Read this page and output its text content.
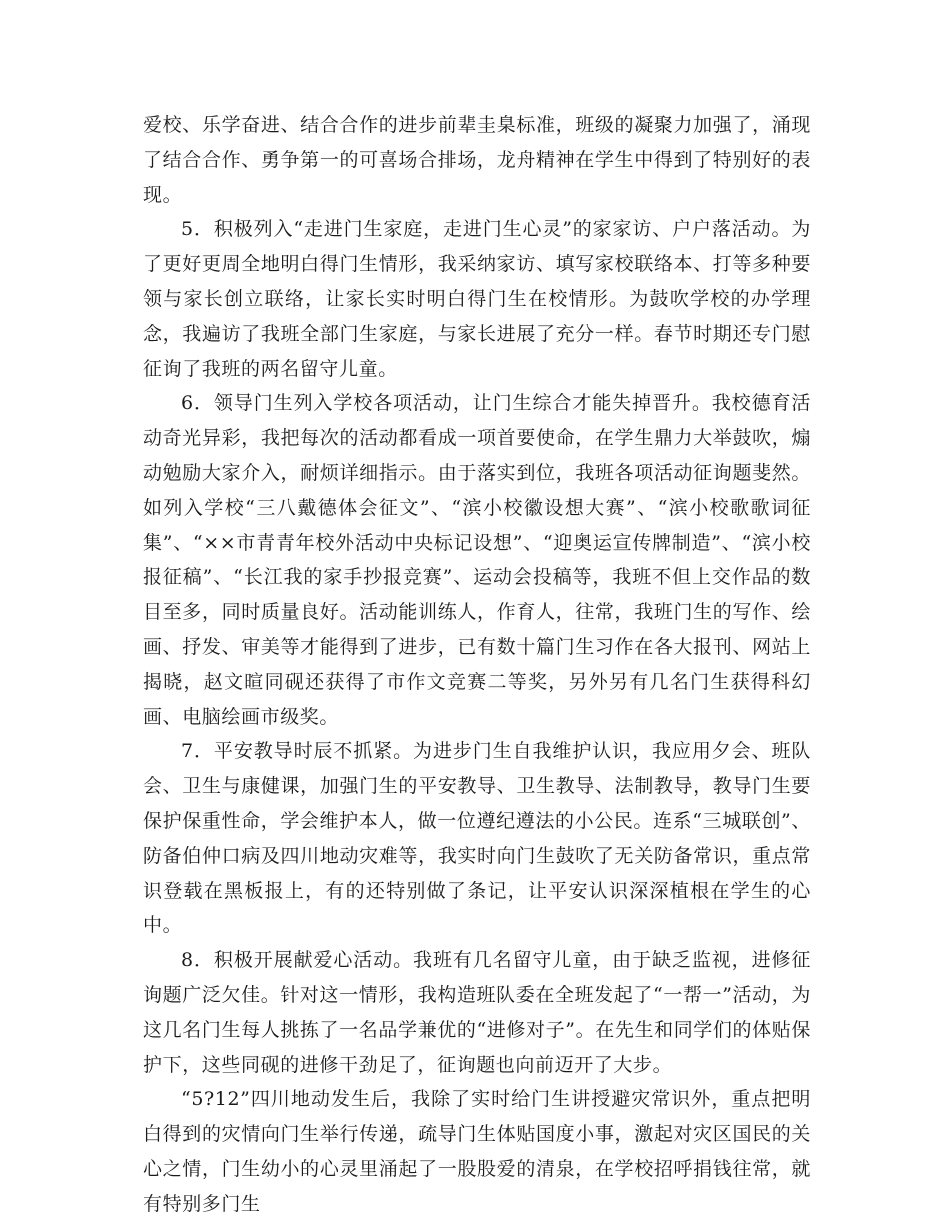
爱校、乐学奋进、结合合作的进步前辈圭臬标准，班级的凝聚力加强了，涌现了结合合作、勇争第一的可喜场合排场，龙舟精神在学生中得到了特别好的表现。

5．积极列入“走进门生家庭，走进门生心灵”的家家访、户户落活动。为了更好更周全地明白得门生情形，我采纳家访、填写家校联络本、打等多种要领与家长创立联络，让家长实时明白得门生在校情形。为鼓吹学校的办学理念，我遍访了我班全部门生家庭，与家长进展了充分一样。春节时期还专门慰征询了我班的两名留守儿童。

6．领导门生列入学校各项活动，让门生综合才能失掉晋升。我校德育活动奇光异彩，我把每次的活动都看成一项首要使命，在学生鼎力大举鼓吹，煽动勉励大家介入，耐烦详细指示。由于落实到位，我班各项活动征询题斐然。如列入学校“三八戴德体会征文”、“滨小校徽设想大赛”、“滨小校歌歌词征集”、“××市青青年校外活动中央标记设想”、“迎奥运宣传牌制造”、“滨小校报征稿”、“长江我的家手抄报竞赛”、运动会投稿等，我班不但上交作品的数目至多，同时质量良好。活动能训练人，作育人，往常，我班门生的写作、绘画、抒发、审美等才能得到了进步，已有数十篇门生习作在各大报刊、网站上揭晓，赵文暄同砚还获得了市作文竞赛二等奖，另外另有几名门生获得科幻画、电脑绘画市级奖。

7．平安教导时辰不抓紧。为进步门生自我维护认识，我应用夕会、班队会、卫生与康健课，加强门生的平安教导、卫生教导、法制教导，教导门生要保护保重性命，学会维护本人，做一位遵纪遵法的小公民。连系“三城联创”、防备伯仲口病及四川地动灾难等，我实时向门生鼓吹了无关防备常识，重点常识登载在黑板报上，有的还特别做了条记，让平安认识深深植根在学生的心中。

8．积极开展献爱心活动。我班有几名留守儿童，由于缺乏监视，进修征询题广泛欠佳。针对这一情形，我构造班队委在全班发起了“一帮一”活动，为这几名门生每人挑拣了一名品学兼优的“进修对子”。在先生和同学们的体贴保护下，这些同砚的进修干劲足了，征询题也向前迈开了大步。

“5?12”四川地动发生后，我除了实时给门生讲授避灾常识外，重点把明白得到的灾情向门生举行传递，疏导门生体贴国度小事，激起对灾区国民的关心之情，门生幼小的心灵里涌起了一股股爱的清泉，在学校招呼捐钱往常，就有特别多门生
